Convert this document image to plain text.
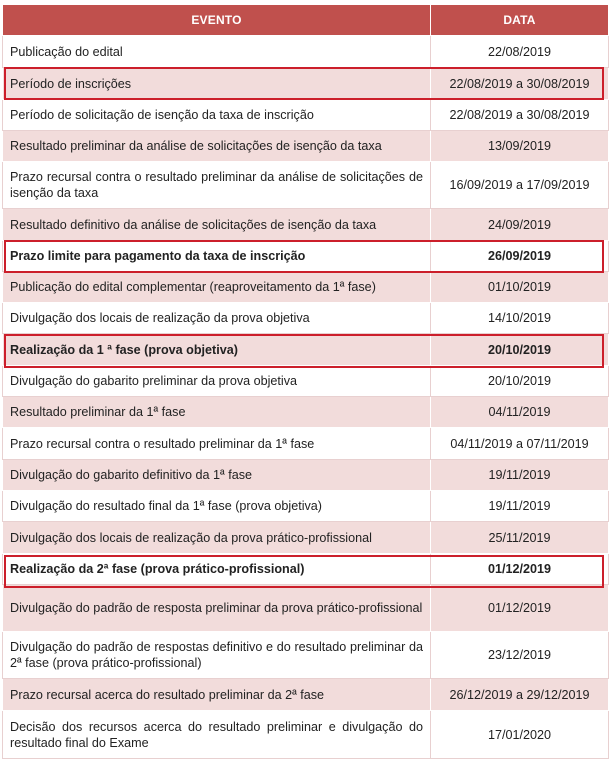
EVENTO	DATA
Publicação do edital	22/08/2019
Período de inscrições	22/08/2019 a 30/08/2019
Período de solicitação de isenção da taxa de inscrição	22/08/2019 a 30/08/2019
Resultado preliminar da análise de solicitações de isenção da taxa	13/09/2019
Prazo recursal contra o resultado preliminar da análise de solicitações de isenção da taxa	16/09/2019 a 17/09/2019
Resultado definitivo da análise de solicitações de isenção da taxa	24/09/2019
Prazo limite para pagamento da taxa de inscrição	26/09/2019
Publicação do edital complementar (reaproveitamento da 1ª fase)	01/10/2019
Divulgação dos locais de realização da prova objetiva	14/10/2019
Realização da 1 ª fase (prova objetiva)	20/10/2019
Divulgação do gabarito preliminar da prova objetiva	20/10/2019
Resultado preliminar da 1ª fase	04/11/2019
Prazo recursal contra o resultado preliminar da 1ª fase	04/11/2019 a 07/11/2019
Divulgação do gabarito definitivo da 1ª fase	19/11/2019
Divulgação do resultado final da 1ª fase (prova objetiva)	19/11/2019
Divulgação dos locais de realização da prova prático-profissional	25/11/2019
Realização da 2ª fase (prova prático-profissional)	01/12/2019
Divulgação do padrão de resposta preliminar da prova prático-profissional	01/12/2019
Divulgação do padrão de respostas definitivo e do resultado preliminar da 2ª fase (prova prático-profissional)	23/12/2019
Prazo recursal acerca do resultado preliminar da 2ª fase	26/12/2019 a 29/12/2019
Decisão dos recursos acerca do resultado preliminar e divulgação do resultado final do Exame	17/01/2020
